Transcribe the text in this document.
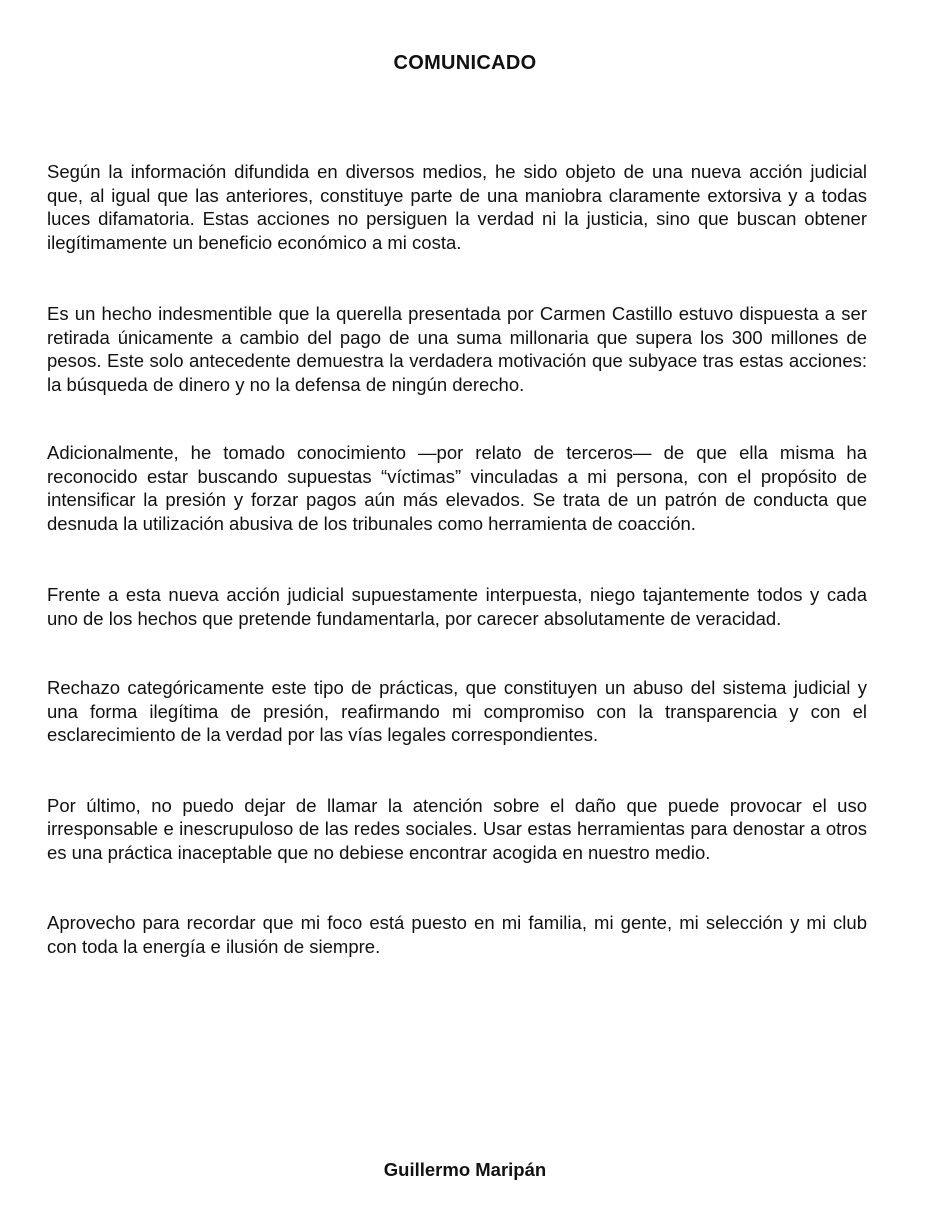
COMUNICADO

Según la información difundida en diversos medios, he sido objeto de una nueva acción judicial que, al igual que las anteriores, constituye parte de una maniobra claramente extorsiva y a todas luces difamatoria. Estas acciones no persiguen la verdad ni la justicia, sino que buscan obtener ilegítimamente un beneficio económico a mi costa.

Es un hecho indesmentible que la querella presentada por Carmen Castillo estuvo dispuesta a ser retirada únicamente a cambio del pago de una suma millonaria que supera los 300 millones de pesos. Este solo antecedente demuestra la verdadera motivación que subyace tras estas acciones: la búsqueda de dinero y no la defensa de ningún derecho.

Adicionalmente, he tomado conocimiento —por relato de terceros— de que ella misma ha reconocido estar buscando supuestas “víctimas” vinculadas a mi persona, con el propósito de intensificar la presión y forzar pagos aún más elevados. Se trata de un patrón de conducta que desnuda la utilización abusiva de los tribunales como herramienta de coacción.

Frente a esta nueva acción judicial supuestamente interpuesta, niego tajantemente todos y cada uno de los hechos que pretende fundamentarla, por carecer absolutamente de veracidad.

Rechazo categóricamente este tipo de prácticas, que constituyen un abuso del sistema judicial y una forma ilegítima de presión, reafirmando mi compromiso con la transparencia y con el esclarecimiento de la verdad por las vías legales correspondientes.

Por último, no puedo dejar de llamar la atención sobre el daño que puede provocar el uso irresponsable e inescrupuloso de las redes sociales. Usar estas herramientas para denostar a otros es una práctica inaceptable que no debiese encontrar acogida en nuestro medio.

Aprovecho para recordar que mi foco está puesto en mi familia, mi gente, mi selección y mi club con toda la energía e ilusión de siempre.

Guillermo Maripán
